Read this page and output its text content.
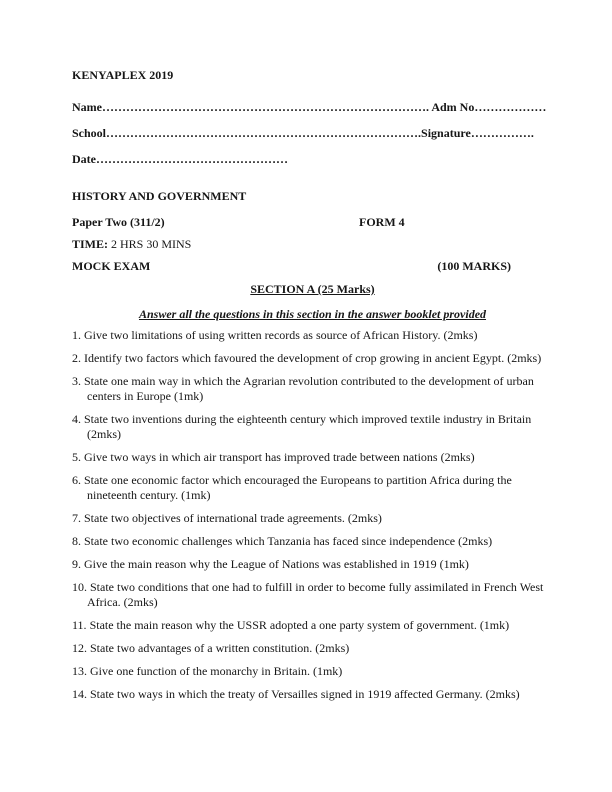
KENYAPLEX 2019
Name………………………………………………………………………. Adm No………………
School…………………………………………………………………….Signature…………….
Date…………………………………………
HISTORY AND GOVERNMENT
Paper Two (311/2)	FORM 4
TIME: 2 HRS 30 MINS
MOCK EXAM	(100 MARKS)
SECTION A (25 Marks)
Answer all the questions in this section in the answer booklet provided
1. Give two limitations of using written records as source of African History. (2mks)
2. Identify two factors which favoured the development of crop growing in ancient Egypt. (2mks)
3. State one main way in which the Agrarian revolution contributed to the development of urban centers in Europe (1mk)
4. State two inventions during the eighteenth century which improved textile industry in Britain (2mks)
5. Give two ways in which air transport has improved trade between nations (2mks)
6. State one economic factor which encouraged the Europeans to partition Africa during the nineteenth century. (1mk)
7. State two objectives of international trade agreements. (2mks)
8. State two economic challenges which Tanzania has faced since independence (2mks)
9. Give the main reason why the League of Nations was established in 1919 (1mk)
10. State two conditions that one had to fulfill in order to become fully assimilated in French West Africa. (2mks)
11. State the main reason why the USSR adopted a one party system of government. (1mk)
12. State two advantages of a written constitution. (2mks)
13. Give one function of the monarchy in Britain. (1mk)
14. State two ways in which the treaty of Versailles signed in 1919 affected Germany. (2mks)
